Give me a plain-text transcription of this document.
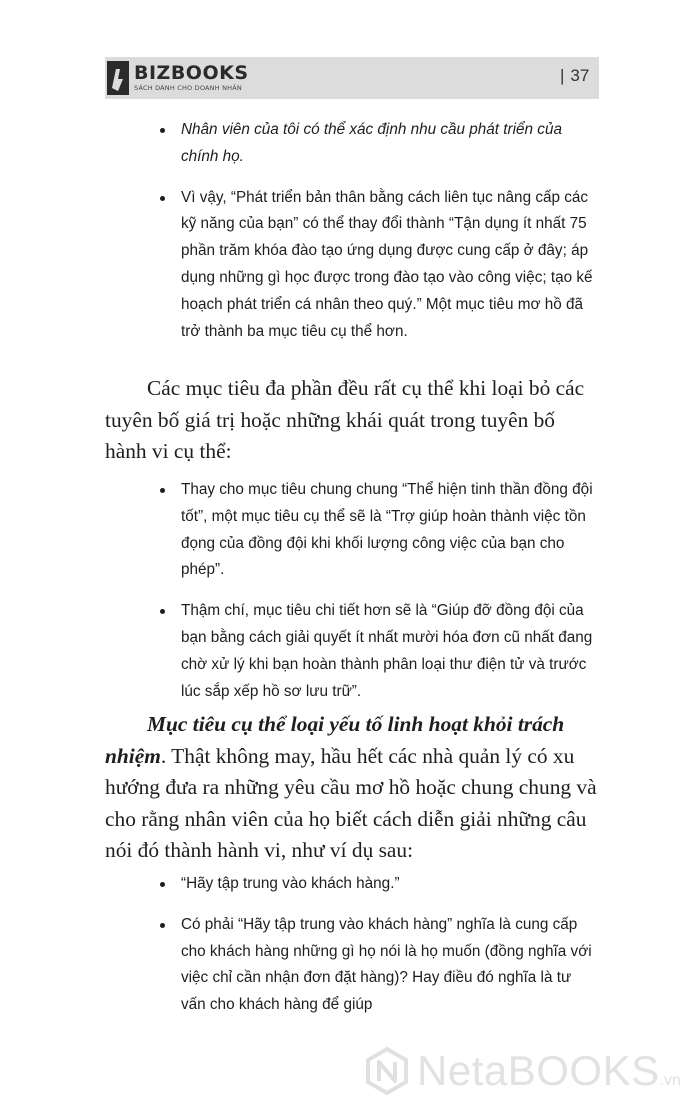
BIZBOOKS
SÁCH DÀNH CHO DOANH NHÂN
| 37
Nhân viên của tôi có thể xác định nhu cầu phát triển của chính họ.
Vì vậy, “Phát triển bản thân bằng cách liên tục nâng cấp các kỹ năng của bạn” có thể thay đổi thành “Tận dụng ít nhất 75 phần trăm khóa đào tạo ứng dụng được cung cấp ở đây; áp dụng những gì học được trong đào tạo vào công việc; tạo kế hoạch phát triển cá nhân theo quý.” Một mục tiêu mơ hồ đã trở thành ba mục tiêu cụ thể hơn.

Các mục tiêu đa phần đều rất cụ thể khi loại bỏ các tuyên bố giá trị hoặc những khái quát trong tuyên bố hành vi cụ thể:

Thay cho mục tiêu chung chung “Thể hiện tinh thần đồng đội tốt”, một mục tiêu cụ thể sẽ là “Trợ giúp hoàn thành việc tồn đọng của đồng đội khi khối lượng công việc của bạn cho phép”.
Thậm chí, mục tiêu chi tiết hơn sẽ là “Giúp đỡ đồng đội của bạn bằng cách giải quyết ít nhất mười hóa đơn cũ nhất đang chờ xử lý khi bạn hoàn thành phân loại thư điện tử và trước lúc sắp xếp hồ sơ lưu trữ”.

Mục tiêu cụ thể loại yếu tố linh hoạt khỏi trách nhiệm. Thật không may, hầu hết các nhà quản lý có xu hướng đưa ra những yêu cầu mơ hồ hoặc chung chung và cho rằng nhân viên của họ biết cách diễn giải những câu nói đó thành hành vi, như ví dụ sau:

“Hãy tập trung vào khách hàng.”
Có phải “Hãy tập trung vào khách hàng” nghĩa là cung cấp cho khách hàng những gì họ nói là họ muốn (đồng nghĩa với việc chỉ cần nhận đơn đặt hàng)? Hay điều đó nghĩa là tư vấn cho khách hàng để giúp
NetaBOOKS.vn
